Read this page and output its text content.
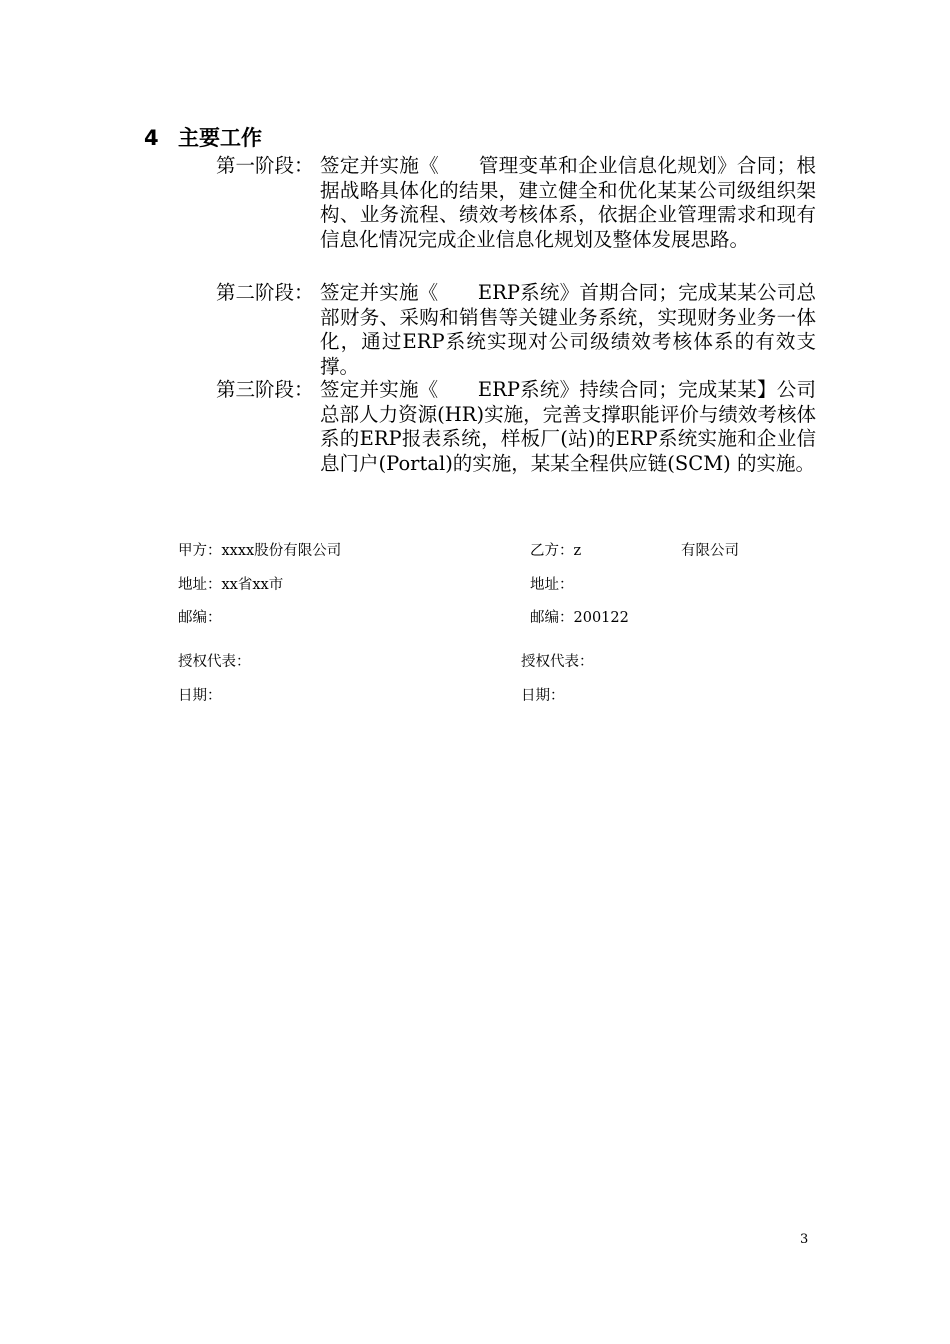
4 主要工作
第一阶段： 签定并实施《　　管理变革和企业信息化规划》合同；根据战略具体化的结果，建立健全和优化某某公司级组织架构、业务流程、绩效考核体系，依据企业管理需求和现有信息化情况完成企业信息化规划及整体发展思路。
第二阶段： 签定并实施《　　ERP系统》首期合同；完成某某公司总部财务、采购和销售等关键业务系统，实现财务业务一体化，通过ERP系统实现对公司级绩效考核体系的有效支撑。
第三阶段： 签定并实施《　　ERP系统》持续合同；完成某某】公司总部人力资源(HR)实施，完善支撑职能评价与绩效考核体系的ERP报表系统，样板厂(站)的ERP系统实施和企业信息门户(Portal)的实施，某某全程供应链(SCM) 的实施。
甲方：xxxx股份有限公司	乙方：z	有限公司
地址：xx省xx市	地址：
邮编：	邮编：200122
授权代表：	授权代表：
日期：	日期：
3
